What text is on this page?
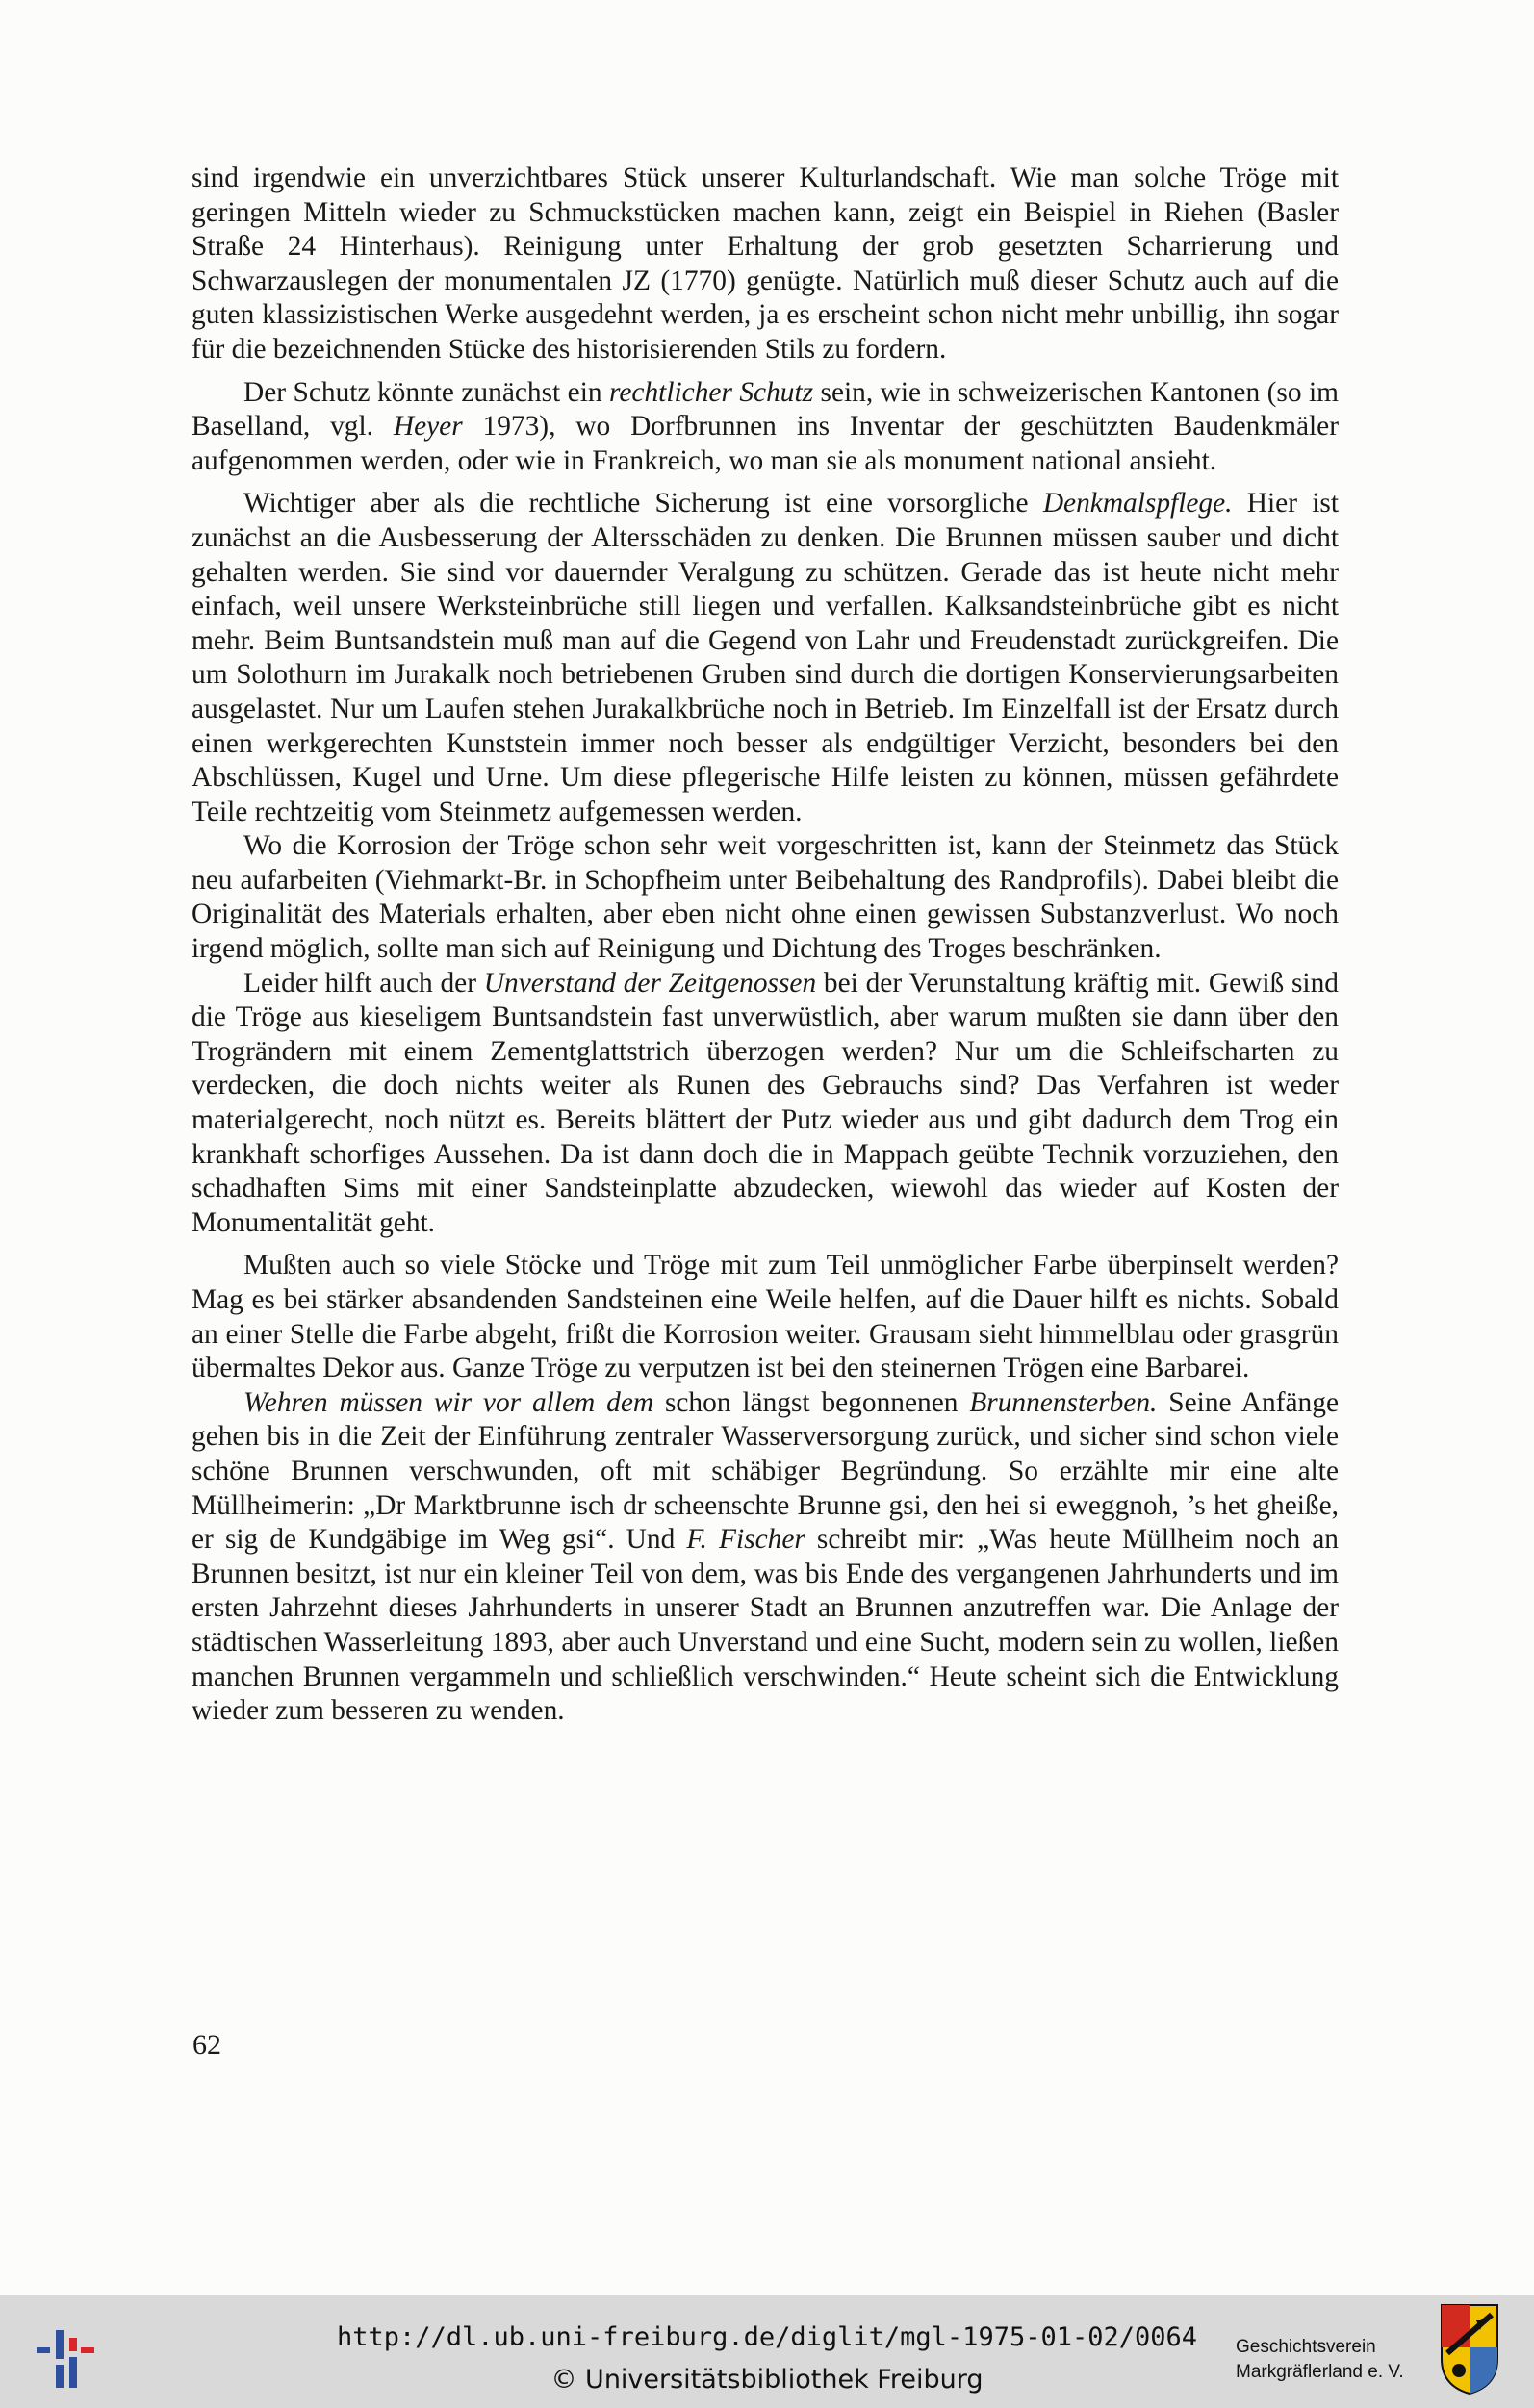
sind irgendwie ein unverzichtbares Stück unserer Kulturlandschaft. Wie man solche Tröge mit geringen Mitteln wieder zu Schmuckstücken machen kann, zeigt ein Beispiel in Riehen (Basler Straße 24 Hinterhaus). Reinigung unter Erhaltung der grob gesetzten Scharrierung und Schwarzauslegen der monumentalen JZ (1770) genügte. Natürlich muß dieser Schutz auch auf die guten klassizistischen Werke ausgedehnt werden, ja es erscheint schon nicht mehr unbillig, ihn sogar für die bezeichnenden Stücke des historisierenden Stils zu fordern.

Der Schutz könnte zunächst ein rechtlicher Schutz sein, wie in schweizerischen Kantonen (so im Baselland, vgl. Heyer 1973), wo Dorfbrunnen ins Inventar der geschützten Baudenkmäler aufgenommen werden, oder wie in Frankreich, wo man sie als monument national ansieht.

Wichtiger aber als die rechtliche Sicherung ist eine vorsorgliche Denkmalspflege. Hier ist zunächst an die Ausbesserung der Altersschäden zu denken. Die Brunnen müssen sauber und dicht gehalten werden. Sie sind vor dauernder Veralgung zu schützen. Gerade das ist heute nicht mehr einfach, weil unsere Werksteinbrüche still liegen und verfallen. Kalksandsteinbrüche gibt es nicht mehr. Beim Buntsandstein muß man auf die Gegend von Lahr und Freudenstadt zurückgreifen. Die um Solothurn im Jurakalk noch betriebenen Gruben sind durch die dortigen Konservierungsarbeiten ausgelastet. Nur um Laufen stehen Jurakalkbrüche noch in Betrieb. Im Einzelfall ist der Ersatz durch einen werkgerechten Kunststein immer noch besser als endgültiger Verzicht, besonders bei den Abschlüssen, Kugel und Urne. Um diese pflegerische Hilfe leisten zu können, müssen gefährdete Teile rechtzeitig vom Steinmetz aufgemessen werden.

Wo die Korrosion der Tröge schon sehr weit vorgeschritten ist, kann der Steinmetz das Stück neu aufarbeiten (Viehmarkt-Br. in Schopfheim unter Beibehaltung des Randprofils). Dabei bleibt die Originalität des Materials erhalten, aber eben nicht ohne einen gewissen Substanzverlust. Wo noch irgend möglich, sollte man sich auf Reinigung und Dichtung des Troges beschränken.

Leider hilft auch der Unverstand der Zeitgenossen bei der Verunstaltung kräftig mit. Gewiß sind die Tröge aus kieseligem Buntsandstein fast unverwüstlich, aber warum mußten sie dann über den Trogrändern mit einem Zementglattstrich überzogen werden? Nur um die Schleifscharten zu verdecken, die doch nichts weiter als Runen des Gebrauchs sind? Das Verfahren ist weder materialgerecht, noch nützt es. Bereits blättert der Putz wieder aus und gibt dadurch dem Trog ein krankhaft schorfiges Aussehen. Da ist dann doch die in Mappach geübte Technik vorzuziehen, den schadhaften Sims mit einer Sandsteinplatte abzudecken, wiewohl das wieder auf Kosten der Monumentalität geht.

Mußten auch so viele Stöcke und Tröge mit zum Teil unmöglicher Farbe überpinselt werden? Mag es bei stärker absandenden Sandsteinen eine Weile helfen, auf die Dauer hilft es nichts. Sobald an einer Stelle die Farbe abgeht, frißt die Korrosion weiter. Grausam sieht himmelblau oder grasgrün übermaltes Dekor aus. Ganze Tröge zu verputzen ist bei den steinernen Trögen eine Barbarei.

Wehren müssen wir vor allem dem schon längst begonnenen Brunnensterben. Seine Anfänge gehen bis in die Zeit der Einführung zentraler Wasserversorgung zurück, und sicher sind schon viele schöne Brunnen verschwunden, oft mit schäbiger Begründung. So erzählte mir eine alte Müllheimerin: „Dr Marktbrunne isch dr scheenschte Brunne gsi, den hei si eweggnoh, ’s het gheiße, er sig de Kundgäbige im Weg gsi“. Und F. Fischer schreibt mir: „Was heute Müllheim noch an Brunnen besitzt, ist nur ein kleiner Teil von dem, was bis Ende des vergangenen Jahrhunderts und im ersten Jahrzehnt dieses Jahrhunderts in unserer Stadt an Brunnen anzutreffen war. Die Anlage der städtischen Wasserleitung 1893, aber auch Unverstand und eine Sucht, modern sein zu wollen, ließen manchen Brunnen vergammeln und schließlich verschwinden.“ Heute scheint sich die Entwicklung wieder zum besseren zu wenden.

62
http://dl.ub.uni-freiburg.de/diglit/mgl-1975-01-02/0064
© Universitätsbibliothek Freiburg
Geschichtsverein
Markgräflerland e. V.
